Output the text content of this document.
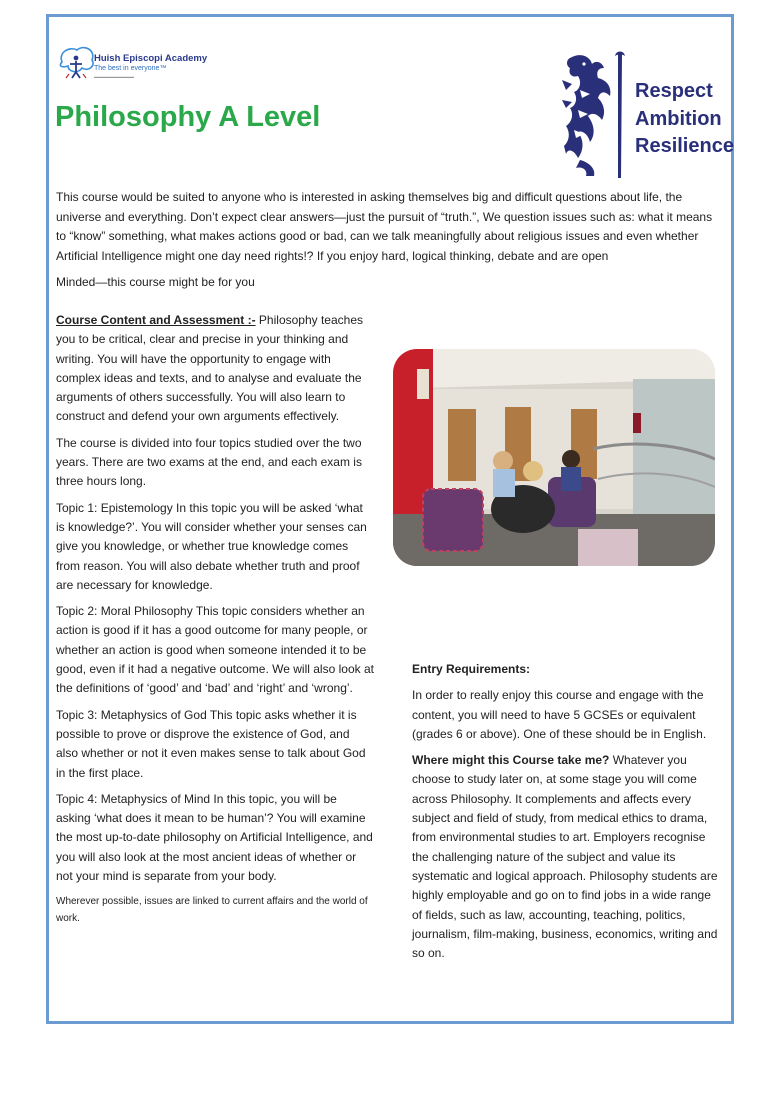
Huish Episcopi Academy
The best in everyone™
▬▬▬▬▬▬▬▬▬▬
Philosophy A Level
Respect
Ambition
Resilience

This course would be suited to anyone who is interested in asking themselves big and difficult questions about life, the universe and everything. Don’t expect clear answers—just the pursuit of “truth.”, We question issues such as: what it means to “know” something, what makes actions good or bad, can we talk meaningfully about religious issues and even whether Artificial Intelligence might one day need rights!? If you enjoy hard, logical thinking, debate and are open

Minded—this course might be for you

Course Content and Assessment :- Philosophy teaches you to be critical, clear and precise in your thinking and writing. You will have the opportunity to engage with complex ideas and texts, and to analyse and evaluate the arguments of others successfully. You will also learn to construct and defend your own arguments effectively.

The course is divided into four topics studied over the two years. There are two exams at the end, and each exam is three hours long.

Topic 1: Epistemology In this topic you will be asked ‘what is knowledge?’. You will consider whether your senses can give you knowledge, or whether true knowledge comes from reason. You will also debate whether truth and proof are necessary for knowledge.

Topic 2: Moral Philosophy This topic considers whether an action is good if it has a good outcome for many people, or whether an action is good when someone intended it to be good, even if it had a negative outcome. We will also look at the definitions of ‘good’ and ‘bad’ and ‘right’ and ‘wrong’.

Topic 3: Metaphysics of God This topic asks whether it is possible to prove or disprove the existence of God, and also whether or not it even makes sense to talk about God in the first place.

Topic 4: Metaphysics of Mind In this topic, you will be asking ‘what does it mean to be human’? You will examine the most up-to-date philosophy on Artificial Intelligence, and you will also look at the most ancient ideas of whether or not your mind is separate from your body.

Wherever possible, issues are linked to current affairs and the world of work.

Entry Requirements:

In order to really enjoy this course and engage with the content, you will need to have 5 GCSEs or equivalent (grades 6 or above). One of these should be in English.

Where might this Course take me? Whatever you choose to study later on, at some stage you will come across Philosophy. It complements and affects every subject and field of study, from medical ethics to drama, from environmental studies to art. Employers recognise the challenging nature of the subject and value its systematic and logical approach. Philosophy students are highly employable and go on to find jobs in a wide range of fields, such as law, accounting, teaching, politics, journalism, film-making, business, economics, writing and so on.
